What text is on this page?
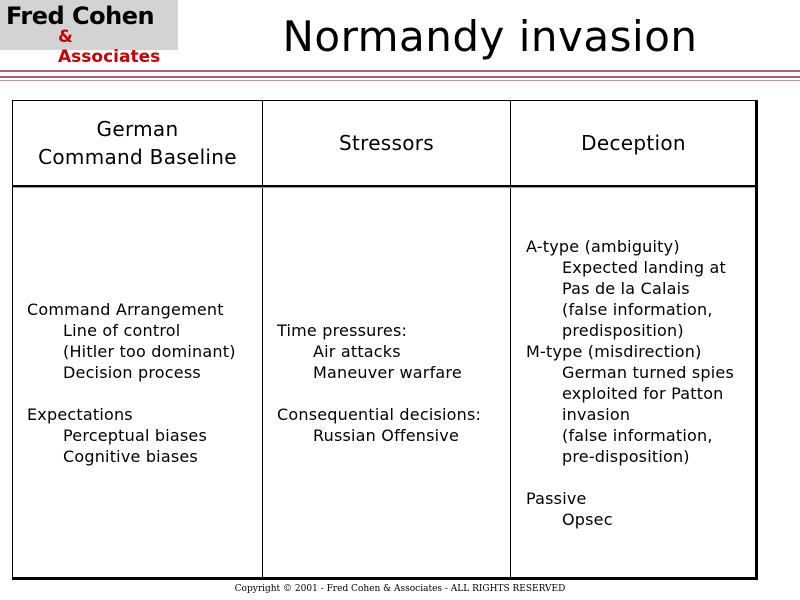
Fred Cohen
& Associates	Normandy invasion
German
Command Baseline
Stressors	Deception
Command Arrangement
Line of control
(Hitler too dominant)
Decision process
Expectations
Perceptual biases
Cognitive biases
Time pressures:
Air attacks
Maneuver warfare
Consequential decisions:
Russian Offensive
A-type (ambiguity)
Expected landing at
Pas de la Calais
(false information,
predisposition)
M-type (misdirection)
German turned spies
exploited for Patton
invasion
(false information,
pre-disposition)
Passive
Opsec
Copyright © 2001 - Fred Cohen & Associates - ALL RIGHTS RESERVED
